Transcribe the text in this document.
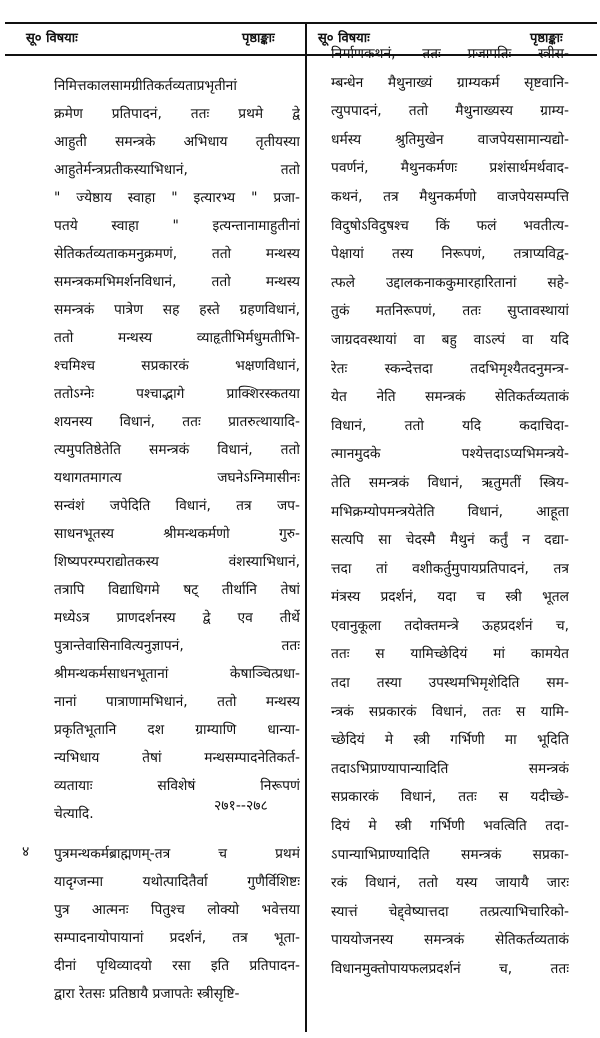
सू० विषयाः	पृष्ठाङ्काः	सू० विषयाः	पृष्ठाङ्काः
निमित्तकालसामग्रीतिकर्तव्यताप्रभृतीनां
क्रमेण प्रतिपादनं, ततः प्रथमे द्वे
आहुती समन्त्रके अभिधाय तृतीयस्या
आहुतेर्मन्त्रप्रतीकस्याभिधानं, ततो
" ज्येष्ठाय स्वाहा " इत्यारभ्य " प्रजा-
पतये स्वाहा " इत्यन्तानामाहुतीनां
सेतिकर्तव्यताकमनुक्रमणं, ततो मन्थस्य
समन्त्रकमभिमर्शनविधानं, ततो मन्थस्य
समन्त्रकं पात्रेण सह हस्ते ग्रहणविधानं,
ततो मन्थस्य व्याहृतीभिर्मधुमतीभि-
श्चमिश्च सप्रकारकं भक्षणविधानं,
ततोऽग्नेः पश्चाद्भागे प्राक्शिरस्कतया
शयनस्य विधानं, ततः प्रातरुत्थायादि-
त्यमुपतिष्ठेतेति समन्त्रकं विधानं, ततो
यथागतमागत्य जघनेऽग्निमासीनः
सन्वंशं जपेदिति विधानं, तत्र जप-
साधनभूतस्य श्रीमन्थकर्मणो गुरु-
शिष्यपरम्पराद्योतकस्य वंशस्याभिधानं,
तत्रापि विद्याधिगमे षट् तीर्थानि तेषां
मध्येऽत्र प्राणदर्शनस्य द्वे एव तीर्थे
पुत्रान्तेवासिनावित्यनुज्ञापनं, ततः
श्रीमन्थकर्मसाधनभूतानां केषाञ्चित्प्रधा-
नानां पात्राणामभिधानं, ततो मन्थस्य
प्रकृतिभूतानि दश ग्राम्याणि धान्या-
न्यभिधाय तेषां मन्थसम्पादनेतिकर्त-
व्यतायाः सविशेषं निरूपणं
चेत्यादि.	२७१--२७८
४ पुत्रमन्थकर्मब्राह्मणम्-तत्र च प्रथमं
यादृग्जन्मा यथोत्पादितैर्वा गुणैर्विशिष्टः
पुत्र आत्मनः पितुश्च लोक्यो भवेत्तया
सम्पादनायोपायानां प्रदर्शनं, तत्र भूता-
दीनां पृथिव्यादयो रसा इति प्रतिपादन-
द्वारा रेतसः प्रतिष्ठायै प्रजापतेः स्त्रीसृष्टि-
निर्माणकथनं, ततः प्रजापतिः स्त्रीस-
म्बन्धेन मैथुनाख्यं ग्राम्यकर्म सृष्टवानि-
त्युपपादनं, ततो मैथुनाख्यस्य ग्राम्य-
धर्मस्य श्रुतिमुखेन वाजपेयसामान्यद्यो-
पवर्णनं, मैथुनकर्मणः प्रशंसार्थमर्थवाद-
कथनं, तत्र मैथुनकर्मणो वाजपेयसम्पत्ति
विदुषोऽविदुषश्च किं फलं भवतीत्य-
पेक्षायां तस्य निरूपणं, तत्राप्यविद्व-
त्फले उद्दालकनाककुमारहारितानां सहे-
तुकं मतनिरूपणं, ततः सुप्तावस्थायां
जाग्रदवस्थायां वा बहु वाऽल्पं वा यदि
रेतः स्कन्देत्तदा तदभिमृश्यैतदनुमन्त्र-
येत नेति समन्त्रकं सेतिकर्तव्यताकं
विधानं, ततो यदि कदाचिदा-
त्मानमुदके पश्येत्तदाऽप्यभिमन्त्रये-
तेति समन्त्रकं विधानं, ऋतुमतीं स्त्रिय-
मभिक्रम्योपमन्त्रयेतेति विधानं, आहूता
सत्यपि सा चेदस्मै मैथुनं कर्तुं न दद्या-
त्तदा तां वशीकर्तुमुपायप्रतिपादनं, तत्र
मंत्रस्य प्रदर्शनं, यदा च स्त्री भूतल
एवानुकूला तदोक्तमन्त्रे ऊहप्रदर्शनं च,
ततः स यामिच्छेदियं मां कामयेत
तदा तस्या उपस्थमभिमृशेदिति सम-
न्त्रकं सप्रकारकं विधानं, ततः स यामि-
च्छेदियं मे स्त्री गर्भिणी मा भूदिति
तदाऽभिप्राण्यापान्यादिति समन्त्रकं
सप्रकारकं विधानं, ततः स यदीच्छे-
दियं मे स्त्री गर्भिणी भवत्विति तदा-
ऽपान्याभिप्राण्यादिति समन्त्रकं सप्रका-
रकं विधानं, ततो यस्य जायायै जारः
स्यात्तं चेद्द्वेष्यात्तदा तत्प्रत्याभिचारिको-
पाययोजनस्य समन्त्रकं सेतिकर्तव्यताकं
विधानमुक्तोपायफलप्रदर्शनं च, ततः
